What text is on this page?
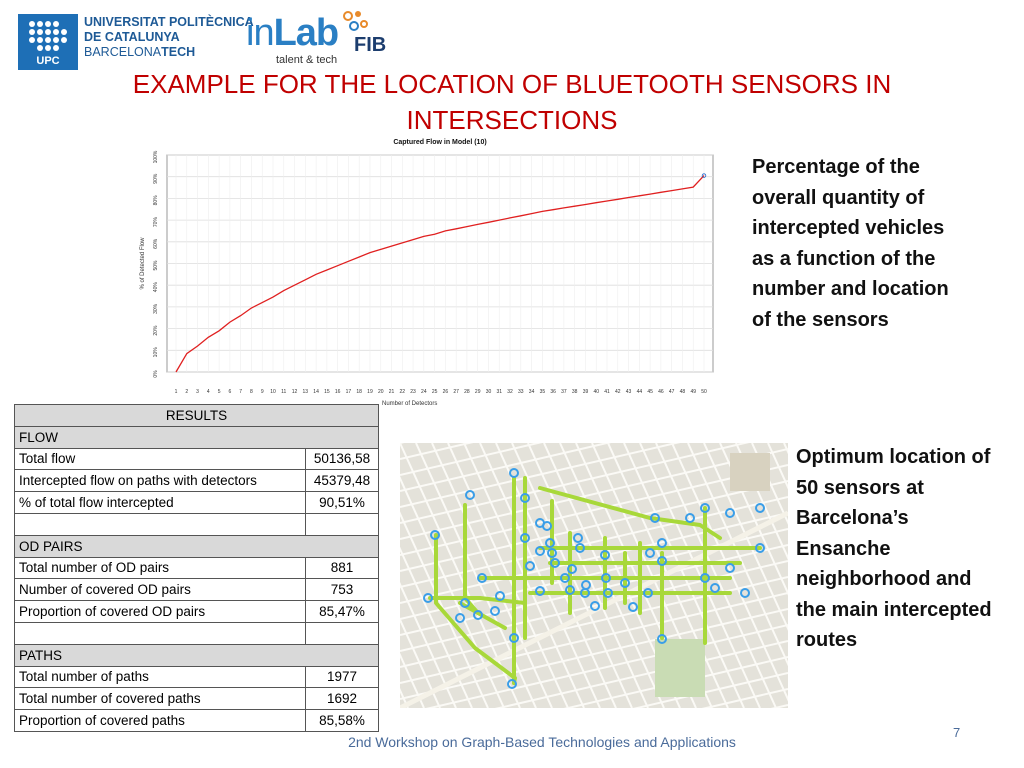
UPC
UNIVERSITAT POLITÈCNICA
DE CATALUNYA
BARCELONATECH	inLab FIB
talent & tech
EXAMPLE FOR THE LOCATION OF BLUETOOTH SENSORS IN
INTERSECTIONS
Captured Flow in Model (10)
0%
10%
20%
30%
40%
50%
60%
70%
80%
90%
100%
% of Detected Flow
1 2 3 4 5 6 7 8 9 10 11 12 13 14 15 16 17 18 19 20 21 22 23 24 25 26 27 28 29 30 31 32 33 34 35 36 37 38 39 40 41 42 43 44 45 46 47 48 49 50
Number of Detectors
Percentage of the overall quantity of intercepted vehicles as a function of the number and location of the sensors
Optimum location of 50 sensors at Barcelona’s Ensanche neighborhood and the main intercepted routes
RESULTS	
FLOW	
Total flow	50136,58
Intercepted flow on paths with detectors	45379,48
% of total flow intercepted	90,51%

OD PAIRS	
Total number of OD pairs	881
Number of covered OD pairs	753
Proportion of covered OD pairs	85,47%

PATHS	
Total number of paths	1977
Total number of covered paths	1692
Proportion of covered paths	85,58%
2nd Workshop on Graph-Based Technologies and Applications
7
